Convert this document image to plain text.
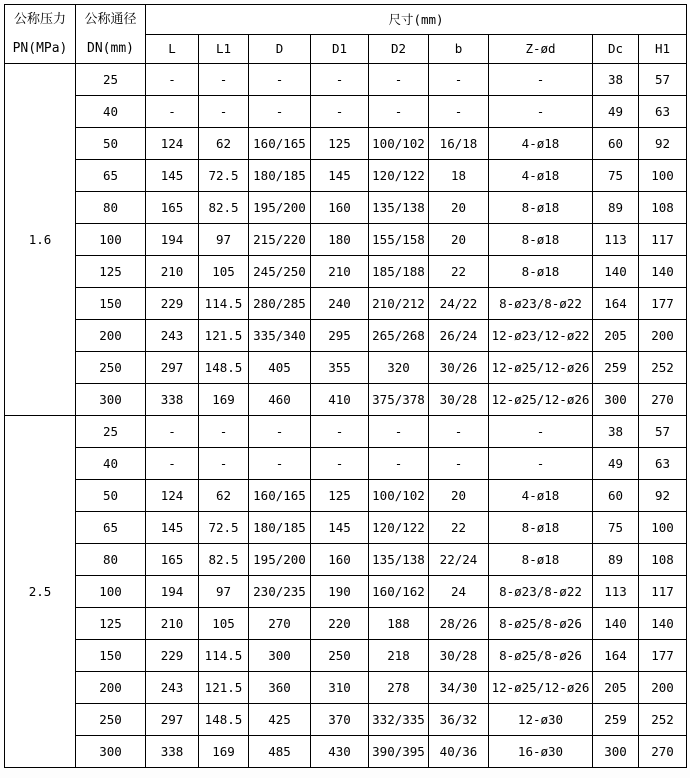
公称压力
PN(MPa)

公称通径
DN(mm)
	尺寸(mm)
		L	L1	D	D1	D2	b	Z-ød	Dc	H1
1.6	25	-	-	-	-	-	-	-	38	57
	40	-	-	-	-	-	-	-	49	63
	50	124	62	160/165	125	100/102	16/18	4-ø18	60	92
	65	145	72.5	180/185	145	120/122	18	4-ø18	75	100
	80	165	82.5	195/200	160	135/138	20	8-ø18	89	108
	100	194	97	215/220	180	155/158	20	8-ø18	113	117
	125	210	105	245/250	210	185/188	22	8-ø18	140	140
	150	229	114.5	280/285	240	210/212	24/22	8-ø23/8-ø22	164	177
	200	243	121.5	335/340	295	265/268	26/24	12-ø23/12-ø22	205	200
	250	297	148.5	405	355	320	30/26	12-ø25/12-ø26	259	252
	300	338	169	460	410	375/378	30/28	12-ø25/12-ø26	300	270
2.5	25	-	-	-	-	-	-	-	38	57
	40	-	-	-	-	-	-	-	49	63
	50	124	62	160/165	125	100/102	20	4-ø18	60	92
	65	145	72.5	180/185	145	120/122	22	8-ø18	75	100
	80	165	82.5	195/200	160	135/138	22/24	8-ø18	89	108
	100	194	97	230/235	190	160/162	24	8-ø23/8-ø22	113	117
	125	210	105	270	220	188	28/26	8-ø25/8-ø26	140	140
	150	229	114.5	300	250	218	30/28	8-ø25/8-ø26	164	177
	200	243	121.5	360	310	278	34/30	12-ø25/12-ø26	205	200
	250	297	148.5	425	370	332/335	36/32	12-ø30	259	252
	300	338	169	485	430	390/395	40/36	16-ø30	300	270
